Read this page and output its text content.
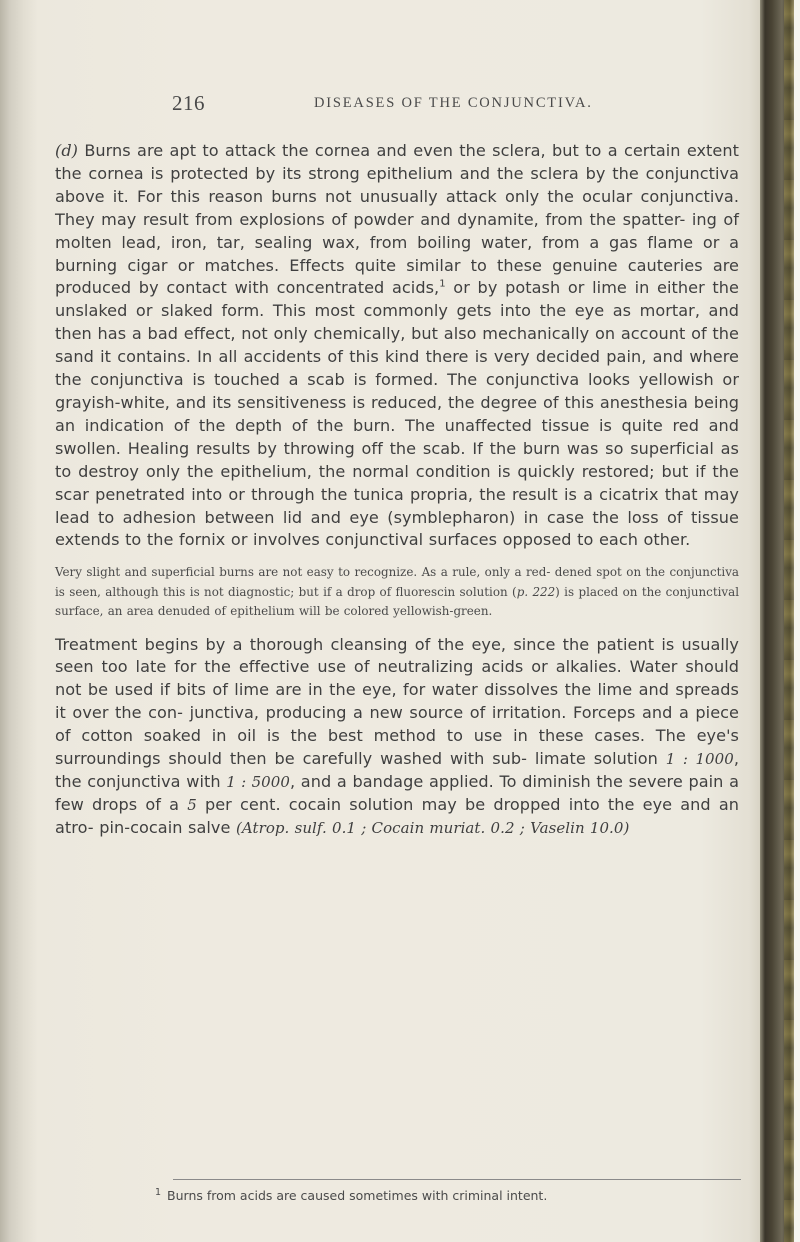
216	DISEASES OF THE CONJUNCTIVA.

(d) Burns are apt to attack the cornea and even the sclera, but to a certain extent the cornea is protected by its strong epithelium and the sclera by the conjunctiva above it. For this reason burns not unusually attack only the ocular conjunctiva. They may result from explosions of powder and dynamite, from the spatter- ing of molten lead, iron, tar, sealing wax, from boiling water, from a gas flame or a burning cigar or matches. Effects quite similar to these genuine cauteries are produced by contact with concentrated acids,$^1$ or by potash or lime in either the unslaked or slaked form. This most commonly gets into the eye as mortar, and then has a bad effect, not only chemically, but also mechanically on account of the sand it contains. In all accidents of this kind there is very decided pain, and where the conjunctiva is touched a scab is formed. The conjunctiva looks yellowish or grayish-white, and its sensitiveness is reduced, the degree of this anesthesia being an indication of the depth of the burn. The unaffected tissue is quite red and swollen. Healing results by throwing off the scab. If the burn was so superficial as to destroy only the epithelium, the normal condition is quickly restored; but if the scar penetrated into or through the tunica propria, the result is a cicatrix that may lead to adhesion between lid and eye (symblepharon) in case the loss of tissue extends to the fornix or involves conjunctival surfaces opposed to each other.

Very slight and superficial burns are not easy to recognize. As a rule, only a red- dened spot on the conjunctiva is seen, although this is not diagnostic; but if a drop of fluorescin solution (p. 222) is placed on the conjunctival surface, an area denuded of epithelium will be colored yellowish-green.

Treatment begins by a thorough cleansing of the eye, since the patient is usually seen too late for the effective use of neutralizing acids or alkalies. Water should not be used if bits of lime are in the eye, for water dissolves the lime and spreads it over the con- junctiva, producing a new source of irritation. Forceps and a piece of cotton soaked in oil is the best method to use in these cases. The eye's surroundings should then be carefully washed with sub- limate solution 1 : 1000, the conjunctiva with 1 : 5000, and a bandage applied. To diminish the severe pain a few drops of a 5 per cent. cocain solution may be dropped into the eye and an atro- pin-cocain salve (Atrop. sulf. 0.1 ; Cocain muriat. 0.2 ; Vaselin 10.0)

$^1$ Burns from acids are caused sometimes with criminal intent.
